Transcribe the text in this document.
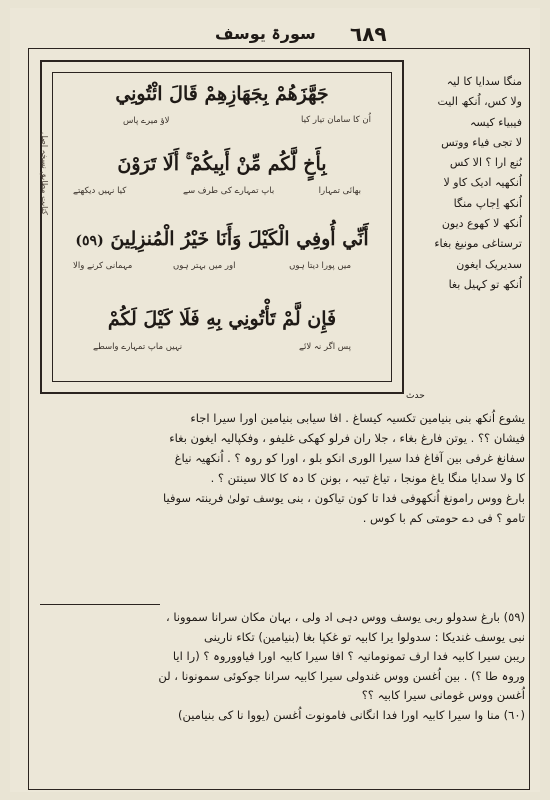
سورۃ یوسف ٦٨٩
جَهَّزَهُمْ بِجَهَازِهِمْ قَالَ ائْتُونِي
اُن کا سامان تیار کیا
لاؤ میرے پاس
بِأَخٍ لَّكُم مِّنْ أَبِيكُمْ ۚ أَلَا تَرَوْنَ
بھائی تمہارا
باپ تمہارے کی طرف سے
کیا نہیں دیکھتے
أَنِّي أُوفِي الْكَيْلَ وَأَنَا خَيْرُ الْمُنزِلِينَ (٥٩)
میں پورا دیتا ہوں
اور میں بہتر ہوں
مہمانی کرنے والا
فَإِن لَّمْ تَأْتُونِي بِهِ فَلَا كَيْلَ لَكُمْ
پس اگر نہ لائے
نہیں ماپ تمہارے واسطے
کتابت مطابق نسخہ اصل
حدث
منگا سدایا کا لیہ
ولا کس، اُنکھ الیت
فیبیاء کیسہ
لا تجی فیاء ووتس
نُنع ارا ؟ الا کس
اُنکھیہ ادیک کاو لا
اُنکھ اِجاپ منگا
اُنکھ لا کھوع دیون
ترستاغی مونیغ بغاء
سدیریک ایغون
اُنکھ تو کہیل بغا
یشوع اُنکھ بنی بنیامین تکسیہ کیساغ . افا سیابی بنیامین اورا سیرا اجاء
فیشان ؟؟ . یوتن فارغ بغاء ، جلا ران فرلو کھکی غلیفو ، وفکپالیہ ایغون بغاء
سفانغ غرفی بین آفاغ فدا سیرا الوری انکو بلو ، اورا کو روہ ؟ . اُنکھیہ نیاغ
کا ولا سدایا منگا یاغ مونجا ، تیاغ تیبہ ، بونن کا دہ کا کالا سینتن ؟ .
بارغ ووس رامونغ اُنکھوفی فدا تا کون تیاکون ، بنی یوسف تولیٰ فرینتہ سوفیا
تامو ؟ فی دے حومتی کم با کوس .
(٥٩) بارغ سدولو ربی یوسف ووس دہی اد ولی ، بہان مکان سرانا سموونا ،
نبی یوسف غندیکا : سدولوا یرا کابیہ تو غکپا بغا (بنیامین) تکاء نارینی
ریبن سیرا کابیہ فدا ارف تمونومانیہ ؟ افا سیرا کابیہ اورا فیاووروہ ؟ (را ایا
وروہ طا ؟) . بین اُغسن ووس غندولی سیرا کابیہ سرانا جوکوئی سمونونا ، لن
اُغسن ووس غومانی سیرا کابیہ ؟؟
(٦٠) منا وا سیرا کابیہ اورا فدا انگانی فامونوت اُغسن (یووا نا کی بنیامین)
